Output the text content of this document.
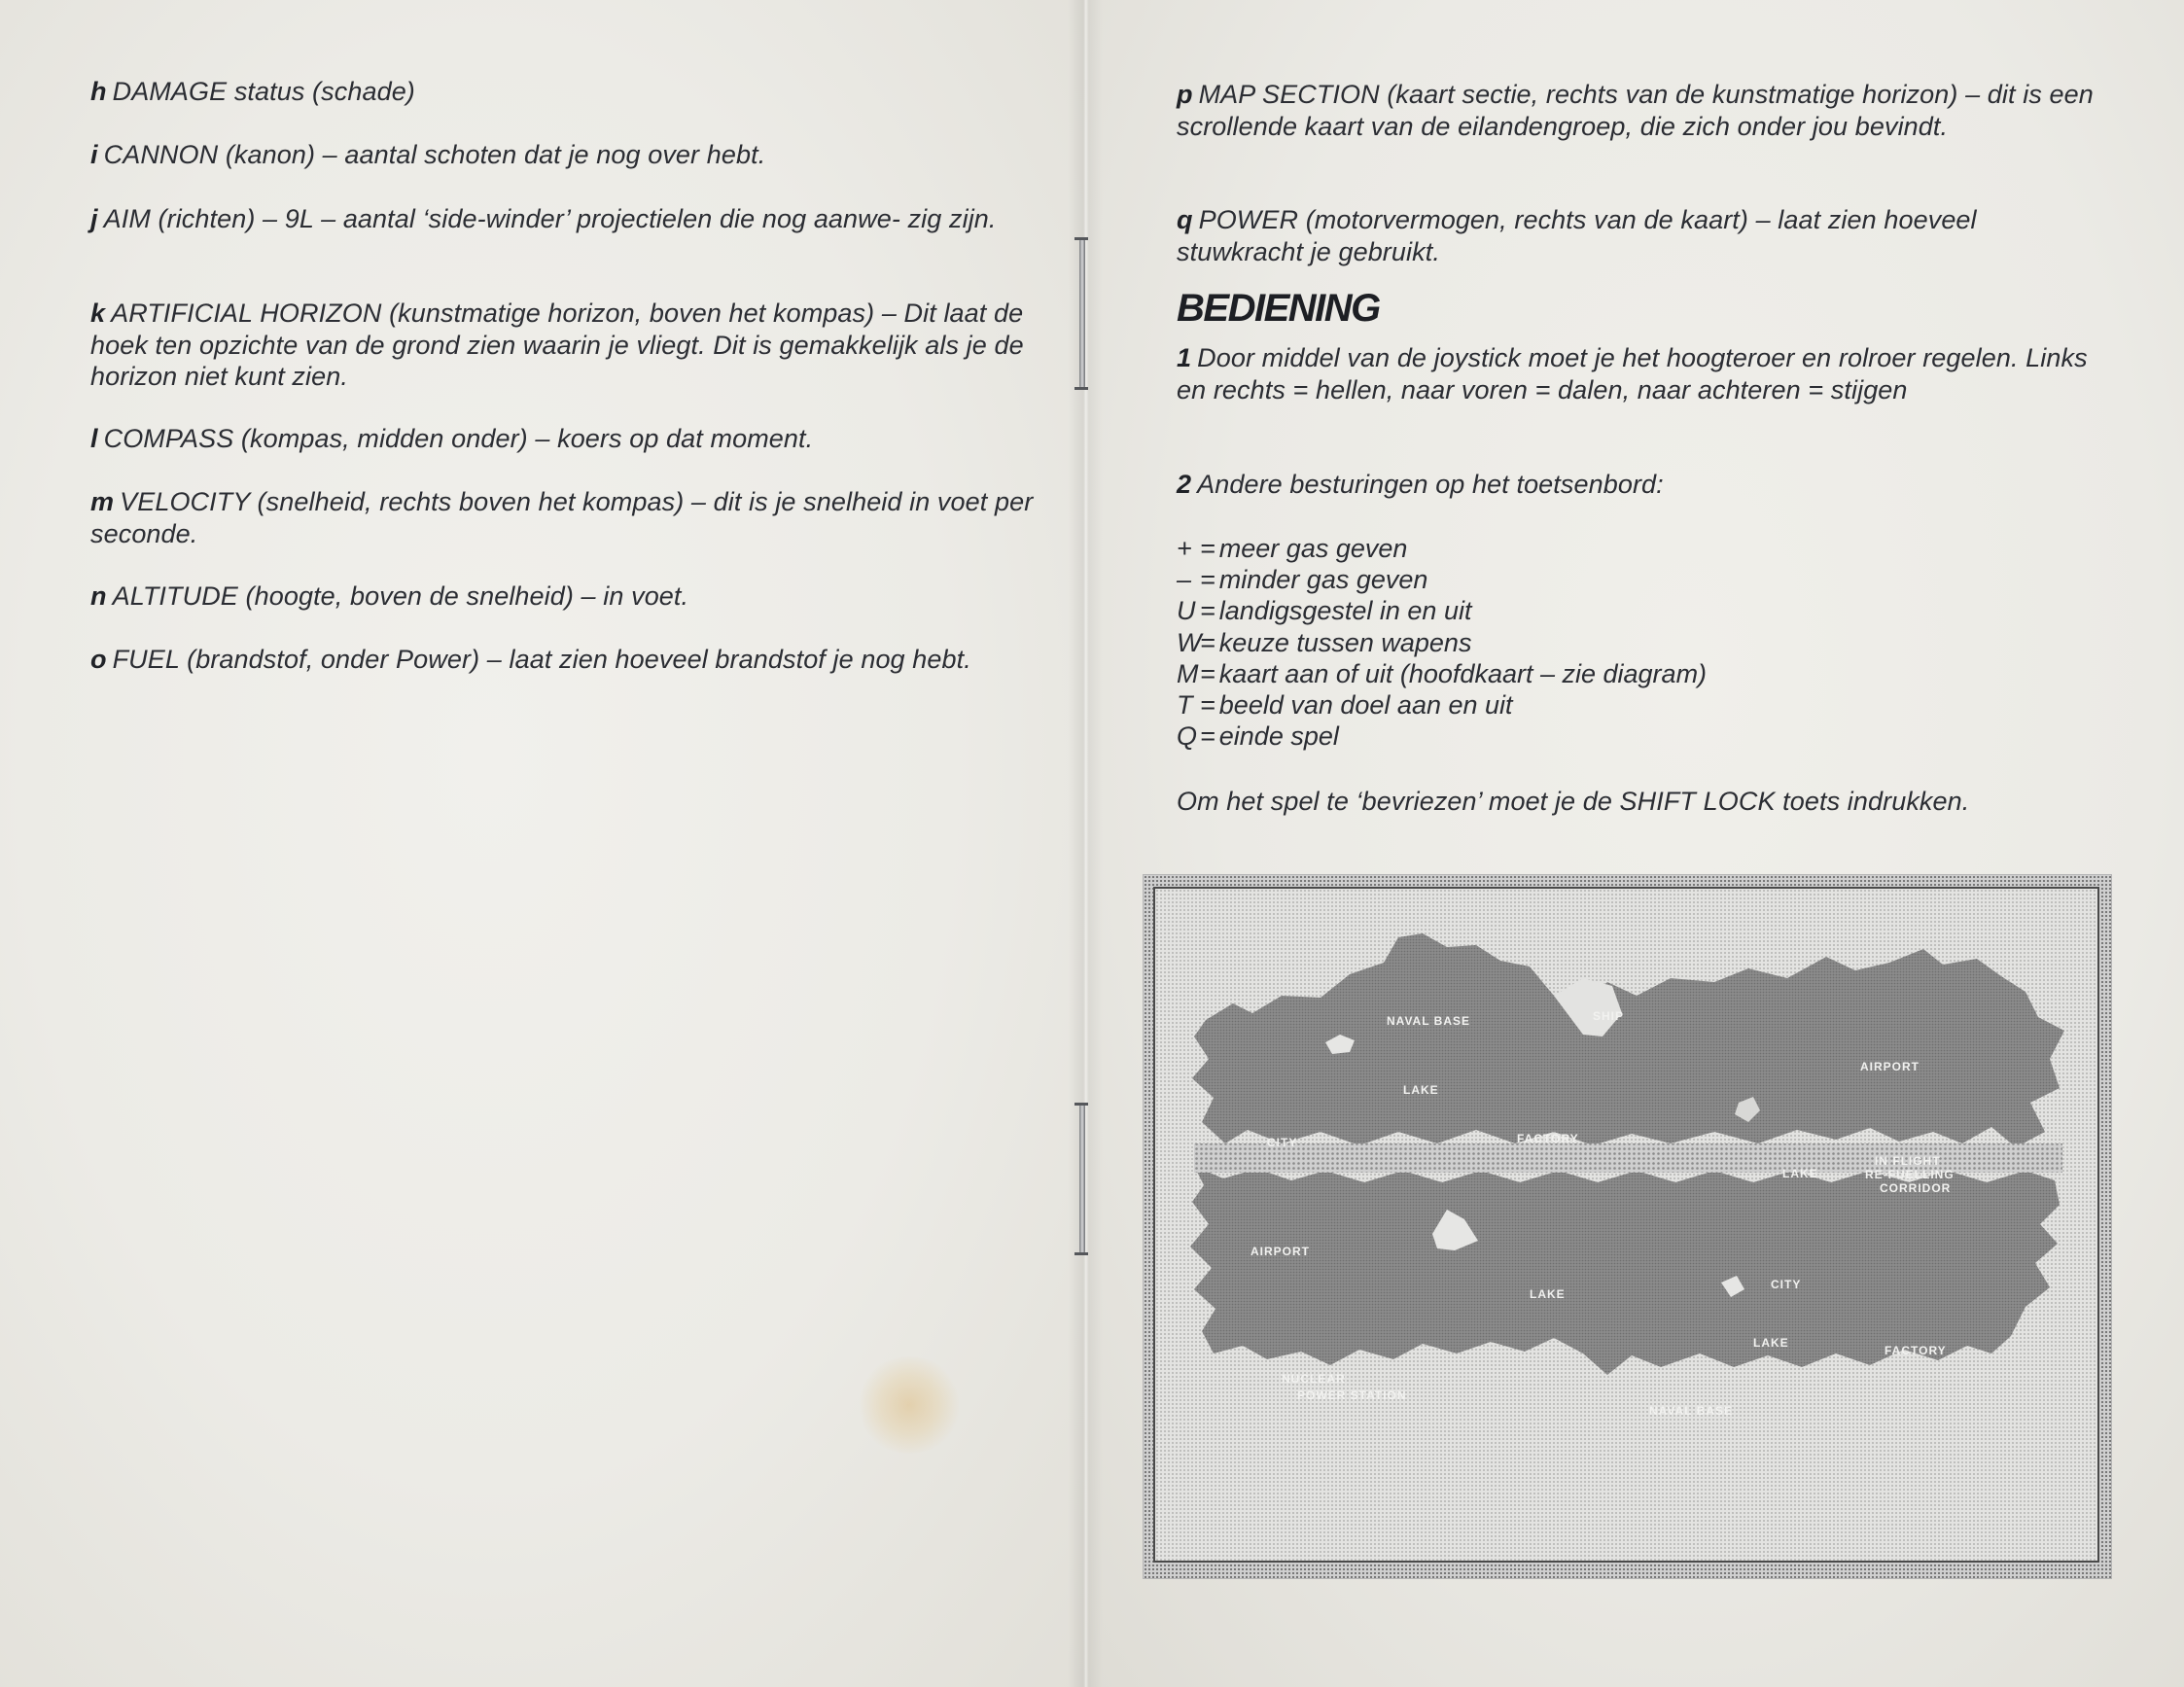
h DAMAGE status (schade)

i CANNON (kanon) – aantal schoten dat je nog over hebt.

j AIM (richten) – 9L – aantal ‘side-winder’ projectielen die nog aanwe- zig zijn.

k ARTIFICIAL HORIZON (kunstmatige horizon, boven het kompas) – Dit laat de hoek ten opzichte van de grond zien waarin je vliegt. Dit is gemakkelijk als je de horizon niet kunt zien.

l COMPASS (kompas, midden onder) – koers op dat moment.

m VELOCITY (snelheid, rechts boven het kompas) – dit is je snelheid in voet per seconde.

n ALTITUDE (hoogte, boven de snelheid) – in voet.

o FUEL (brandstof, onder Power) – laat zien hoeveel brandstof je nog hebt.

p MAP SECTION (kaart sectie, rechts van de kunstmatige horizon) – dit is een scrollende kaart van de eilandengroep, die zich onder jou bevindt.

q POWER (motorvermogen, rechts van de kaart) – laat zien hoeveel stuwkracht je gebruikt.

BEDIENING

1 Door middel van de joystick moet je het hoogteroer en rolroer regelen. Links en rechts = hellen, naar voren = dalen, naar achteren = stijgen

2 Andere besturingen op het toetsenbord:

+ = meer gas geven
– = minder gas geven
U = landigsgestel in en uit
W= keuze tussen wapens
M= kaart aan of uit (hoofdkaart – zie diagram)
T = beeld van doel aan en uit
Q = einde spel

Om het spel te ‘bevriezen’ moet je de SHIFT LOCK toets indrukken.

NAVAL BASE	SHIP
AIRPORT
LAKE
CITY	FACTORY
LAKE
IN FLIGHT
RE-FUELLING
CORRIDOR
AIRPORT
LAKE
CITY
LAKE
FACTORY
NUCLEAR
POWER STATION
NAVAL BASE
